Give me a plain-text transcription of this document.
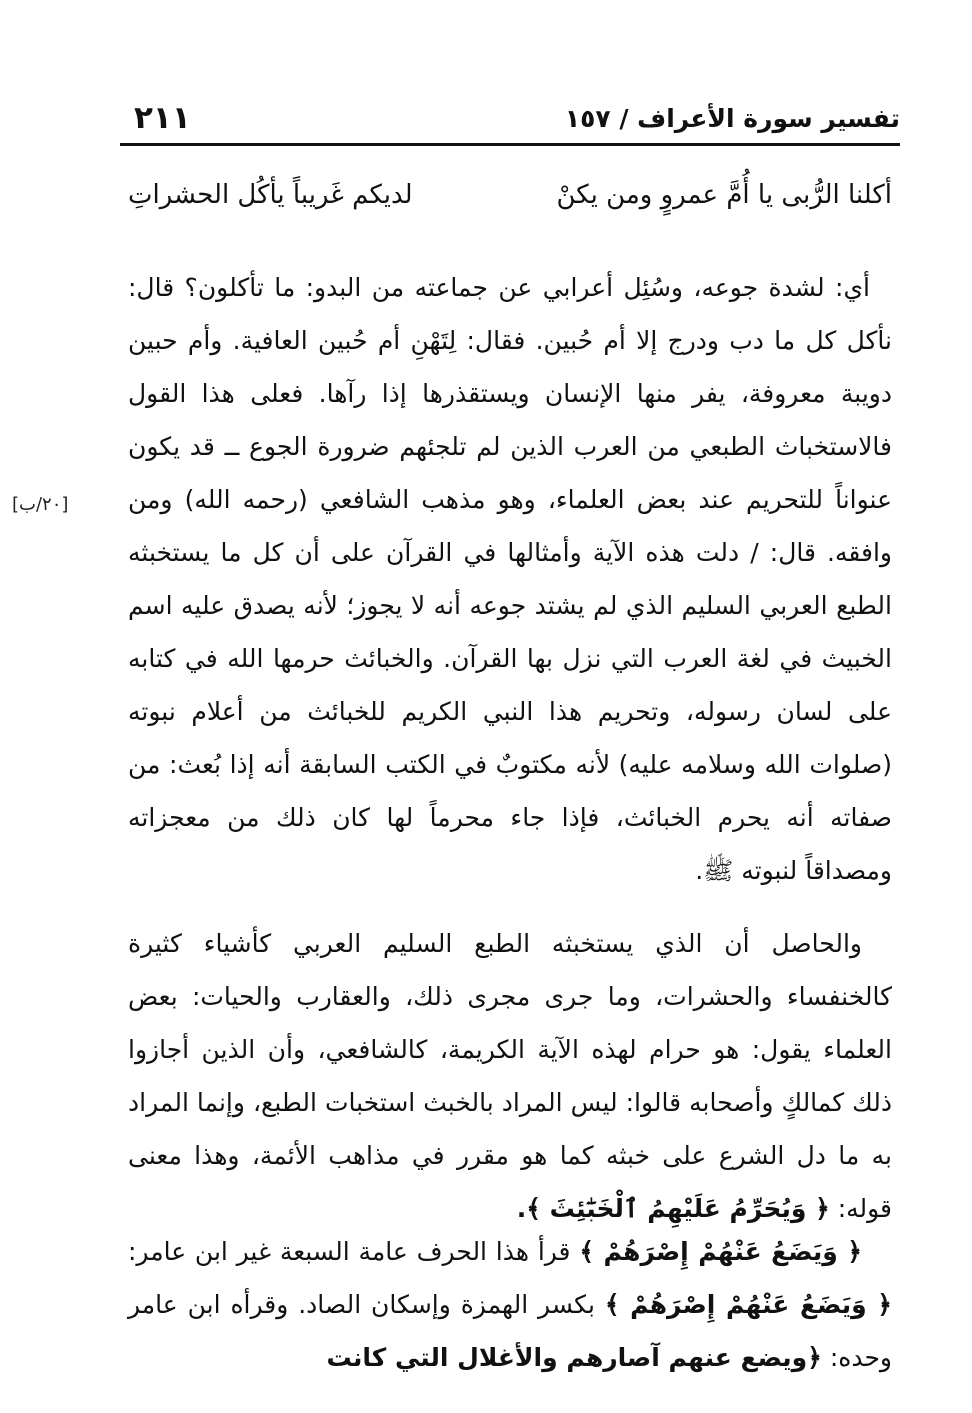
٢١١	تفسير سورة الأعراف / ١٥٧
أكلنا الرُّبى يا أُمَّ عمروٍ ومن يكنْ
لديكم غَريباً يأكُل الحشراتِ
[٢٠/ب]

أي: لشدة جوعه، وسُئِل أعرابي عن جماعته من البدو: ما تأكلون؟ قال: نأكل كل ما دب ودرج إلا أم حُبين. فقال: لِتَهْنِ أم حُبين العافية. وأم حبين دويبة معروفة، يفر منها الإنسان ويستقذرها إذا رآها. فعلى هذا القول فالاستخباث الطبعي من العرب الذين لم تلجئهم ضرورة الجوع ــ قد يكون عنواناً للتحريم عند بعض العلماء، وهو مذهب الشافعي (رحمه الله) ومن وافقه. قال: / دلت هذه الآية وأمثالها في القرآن على أن كل ما يستخبثه الطبع العربي السليم الذي لم يشتد جوعه أنه لا يجوز؛ لأنه يصدق عليه اسم الخبيث في لغة العرب التي نزل بها القرآن. والخبائث حرمها الله في كتابه على لسان رسوله، وتحريم هذا النبي الكريم للخبائث من أعلام نبوته (صلوات الله وسلامه عليه) لأنه مكتوبٌ في الكتب السابقة أنه إذا بُعث: من صفاته أنه يحرم الخبائث، فإذا جاء محرماً لها كان ذلك من معجزاته ومصداقاً لنبوته ﷺ.

والحاصل أن الذي يستخبثه الطبع السليم العربي كأشياء كثيرة كالخنفساء والحشرات، وما جرى مجرى ذلك، والعقارب والحيات: بعض العلماء يقول: هو حرام لهذه الآية الكريمة، كالشافعي، وأن الذين أجازوا ذلك كمالكٍ وأصحابه قالوا: ليس المراد بالخبث استخبات الطبع، وإنما المراد به ما دل الشرع على خبثه كما هو مقرر في مذاهب الأئمة، وهذا معنى قوله: ﴿ وَيُحَرِّمُ عَلَيْهِمُ ٱلْخَبَٰٓئِثَ ﴾.

﴿ وَيَضَعُ عَنْهُمْ إِصْرَهُمْ ﴾ قرأ هذا الحرف عامة السبعة غير ابن عامر: ﴿ وَيَضَعُ عَنْهُمْ إِصْرَهُمْ ﴾ بكسر الهمزة وإسكان الصاد. وقرأه ابن عامر وحده: ﴿ويضع عنهم آصارهم والأغلال التي كانت
